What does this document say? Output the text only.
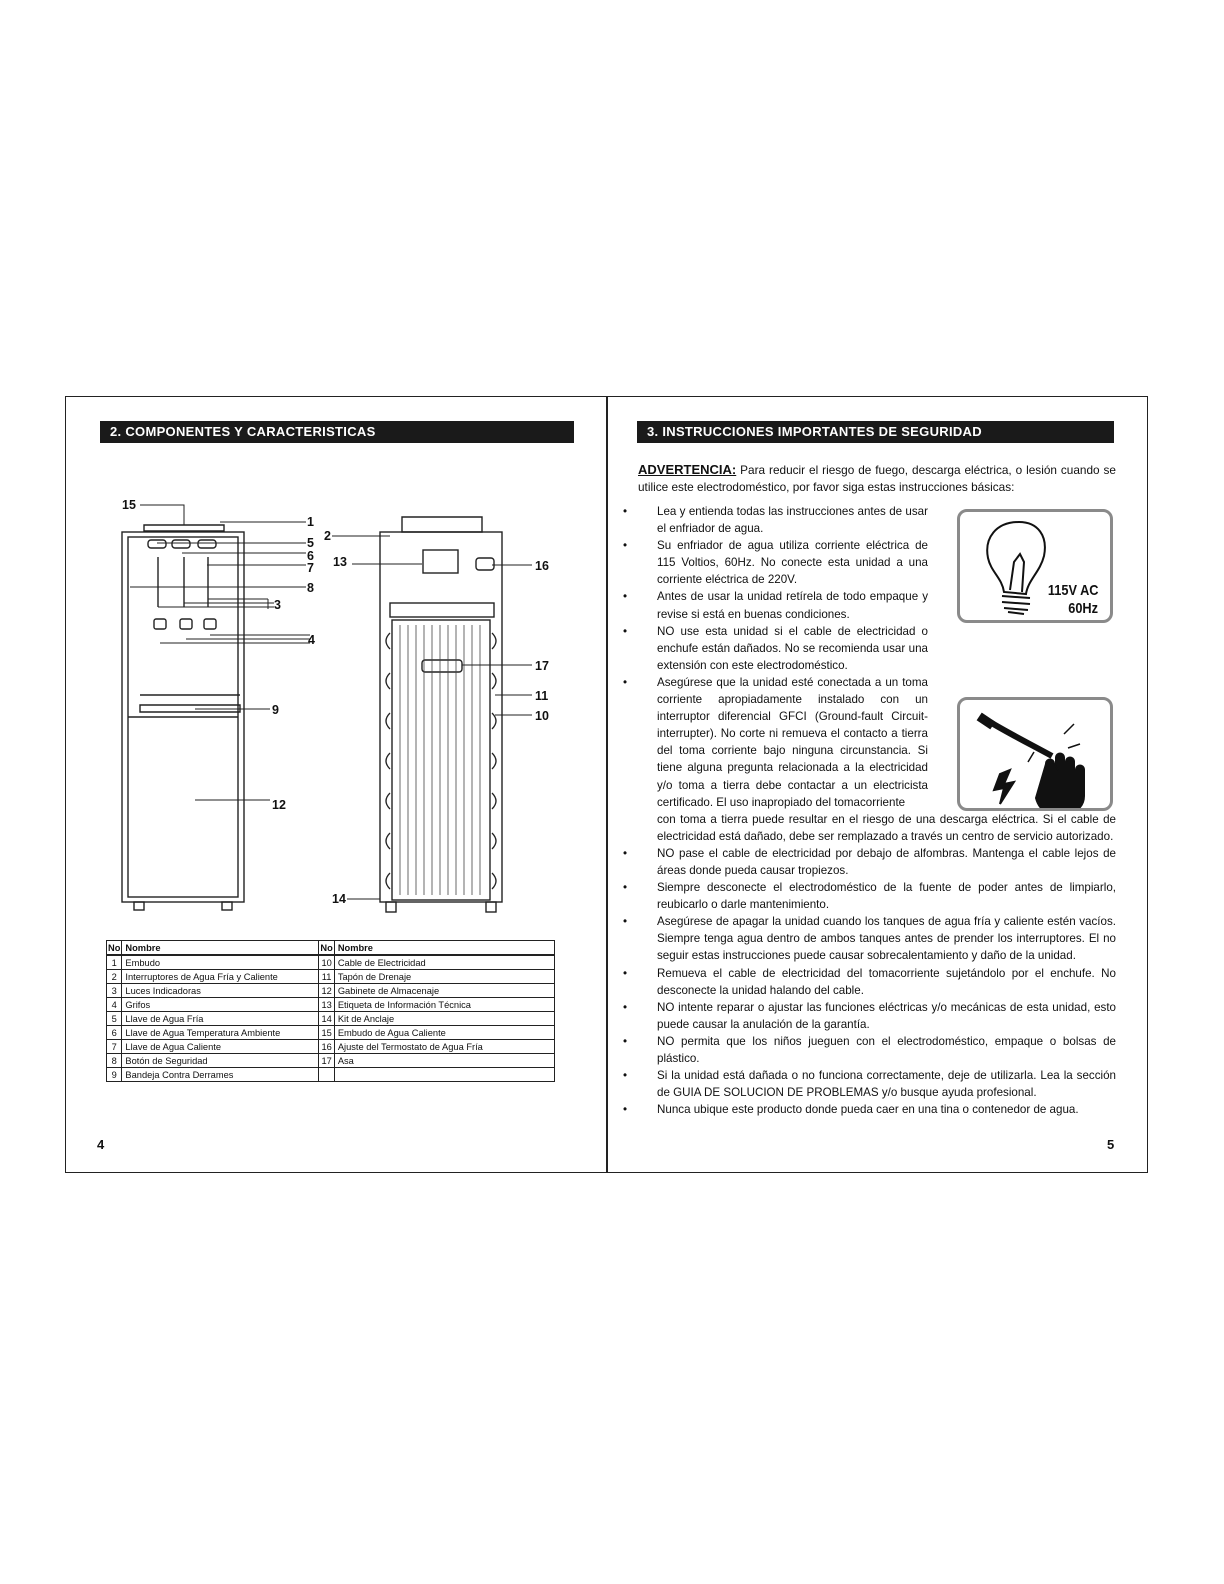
2. COMPONENTES Y CARACTERISTICAS
15
1
2
5
6
7
8
3
4
9
12
13	16
17
11
10
14
No	Nombre	No	Nombre
1	Embudo	10	Cable de Electricidad
2	Interruptores de Agua Fría y Caliente	11	Tapón de Drenaje
3	Luces Indicadoras	12	Gabinete de Almacenaje
4	Grifos	13	Etiqueta de Información Técnica
5	Llave de Agua Fría	14	Kit de Anclaje
6	Llave de Agua Temperatura Ambiente	15	Embudo de Agua Caliente
7	Llave de Agua Caliente	16	Ajuste del Termostato de Agua Fría
8	Botón de Seguridad	17	Asa
9	Bandeja Contra Derrames		
4
3. INSTRUCCIONES IMPORTANTES DE SEGURIDAD
ADVERTENCIA: Para reducir el riesgo de fuego, descarga eléctrica, o lesión cuando se utilice este electrodoméstico, por favor siga estas instrucciones básicas:
115V AC
60Hz
• Lea y entienda todas las instrucciones antes de usar el enfriador de agua.
• Su enfriador de agua utiliza corriente eléctrica de 115 Voltios, 60Hz. No conecte esta unidad a una corriente eléctrica de 220V.
• Antes de usar la unidad retírela de todo empaque y revise si está en buenas condiciones.
• NO use esta unidad si el cable de electricidad o enchufe están dañados. No se recomienda usar una extensión con este electrodoméstico.
• Asegúrese que la unidad esté conectada a un toma corriente apropiadamente instalado con un interruptor diferencial GFCI (Ground-fault Circuit-interrupter). No corte ni remueva el contacto a tierra del toma corriente bajo ninguna circunstancia. Si tiene alguna pregunta relacionada a la electricidad y/o toma a tierra debe contactar a un electricista certificado. El uso inapropiado del tomacorriente
con toma a tierra puede resultar en el riesgo de una descarga eléctrica. Si el cable de electricidad está dañado, debe ser remplazado a través un centro de servicio autorizado.
• NO pase el cable de electricidad por debajo de alfombras. Mantenga el cable lejos de áreas donde pueda causar tropiezos.
• Siempre desconecte el electrodoméstico de la fuente de poder antes de limpiarlo, reubicarlo o darle mantenimiento.
• Asegúrese de apagar la unidad cuando los tanques de agua fría y caliente estén vacíos. Siempre tenga agua dentro de ambos tanques antes de prender los interruptores. El no seguir estas instrucciones puede causar sobrecalentamiento y daño de la unidad.
• Remueva el cable de electricidad del tomacorriente sujetándolo por el enchufe. No desconecte la unidad halando del cable.
• NO intente reparar o ajustar las funciones eléctricas y/o mecánicas de esta unidad, esto puede causar la anulación de la garantía.
• NO permita que los niños jueguen con el electrodoméstico, empaque o bolsas de plástico.
• Si la unidad está dañada o no funciona correctamente, deje de utilizarla. Lea la sección de GUIA DE SOLUCION DE PROBLEMAS y/o busque ayuda profesional.
• Nunca ubique este producto donde pueda caer en una tina o contenedor de agua.
5
